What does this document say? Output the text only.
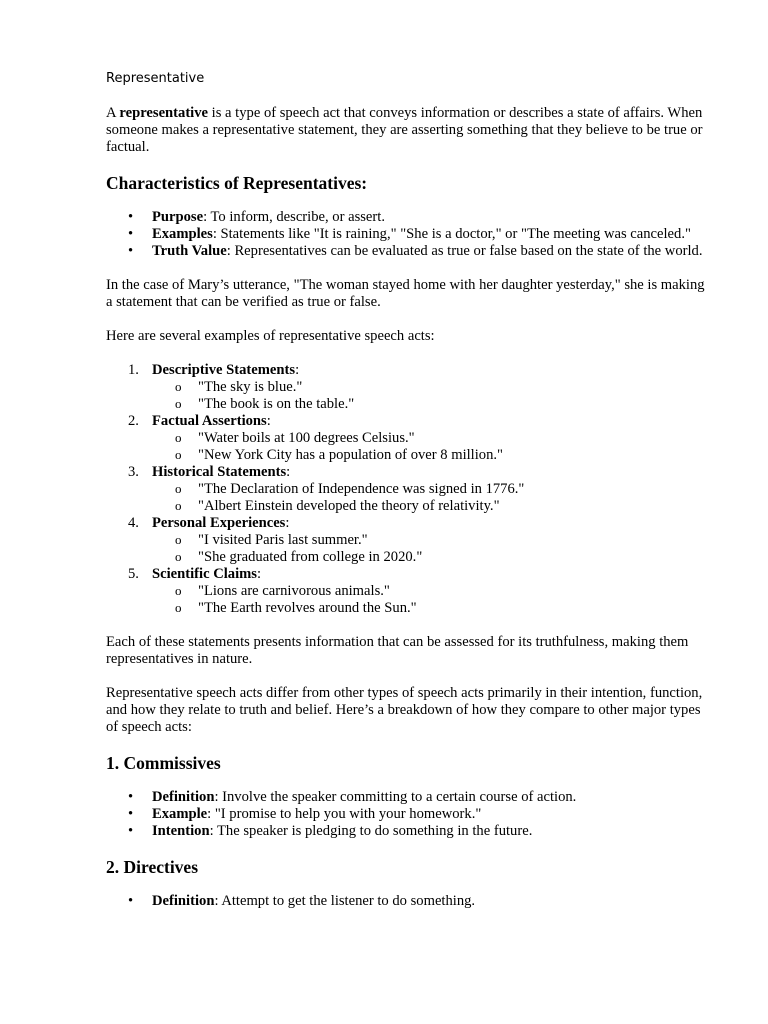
Representative

A representative is a type of speech act that conveys information or describes a state of affairs. When someone makes a representative statement, they are asserting something that they believe to be true or factual.

Characteristics of Representatives:
• Purpose: To inform, describe, or assert.
• Examples: Statements like "It is raining," "She is a doctor," or "The meeting was canceled."
• Truth Value: Representatives can be evaluated as true or false based on the state of the world.

In the case of Mary’s utterance, "The woman stayed home with her daughter yesterday," she is making a statement that can be verified as true or false.

Here are several examples of representative speech acts:

1. Descriptive Statements:
o "The sky is blue."
o "The book is on the table."
2. Factual Assertions:
o "Water boils at 100 degrees Celsius."
o "New York City has a population of over 8 million."
3. Historical Statements:
o "The Declaration of Independence was signed in 1776."
o "Albert Einstein developed the theory of relativity."
4. Personal Experiences:
o "I visited Paris last summer."
o "She graduated from college in 2020."
5. Scientific Claims:
o "Lions are carnivorous animals."
o "The Earth revolves around the Sun."

Each of these statements presents information that can be assessed for its truthfulness, making them representatives in nature.

Representative speech acts differ from other types of speech acts primarily in their intention, function, and how they relate to truth and belief. Here’s a breakdown of how they compare to other major types of speech acts:

1. Commissives
• Definition: Involve the speaker committing to a certain course of action.
• Example: "I promise to help you with your homework."
• Intention: The speaker is pledging to do something in the future.
2. Directives
• Definition: Attempt to get the listener to do something.
